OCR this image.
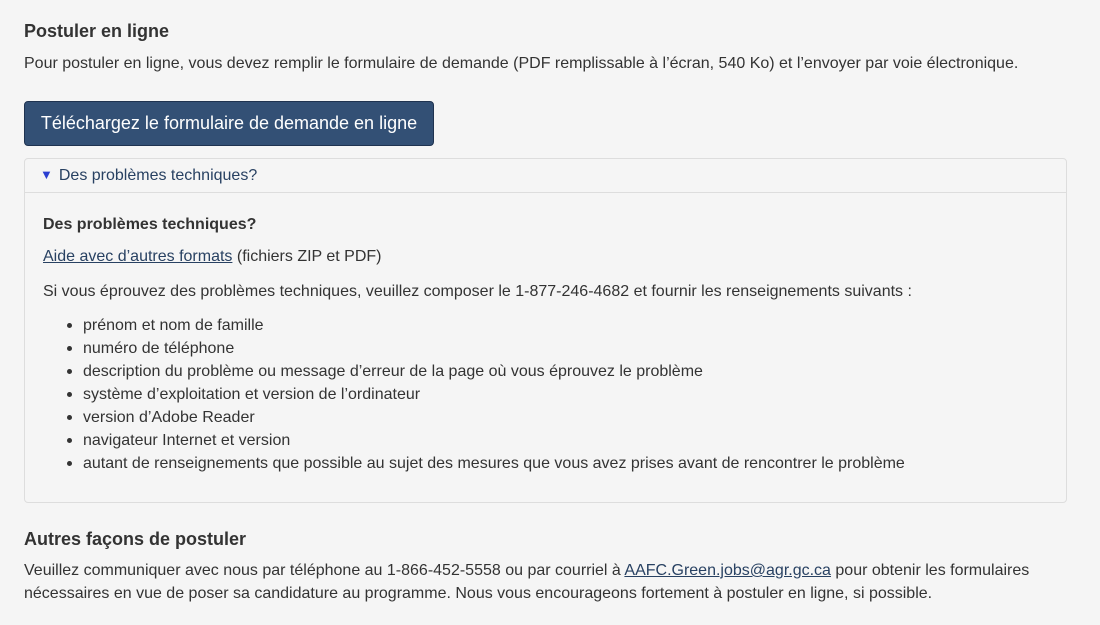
Postuler en ligne

Pour postuler en ligne, vous devez remplir le formulaire de demande (PDF remplissable à l’écran, 540 Ko) et l’envoyer par voie électronique.

Téléchargez le formulaire de demande en ligne
▼ Des problèmes techniques?
Des problèmes techniques?

Aide avec d’autres formats (fichiers ZIP et PDF)

Si vous éprouvez des problèmes techniques, veuillez composer le 1-877-246-4682 et fournir les renseignements suivants :

prénom et nom de famille
numéro de téléphone
description du problème ou message d’erreur de la page où vous éprouvez le problème
système d’exploitation et version de l’ordinateur
version d’Adobe Reader
navigateur Internet et version
autant de renseignements que possible au sujet des mesures que vous avez prises avant de rencontrer le problème
Autres façons de postuler

Veuillez communiquer avec nous par téléphone au 1-866-452-5558 ou par courriel à AAFC.Green.jobs@agr.gc.ca pour obtenir les formulaires nécessaires en vue de poser sa candidature au programme. Nous vous encourageons fortement à postuler en ligne, si possible.
